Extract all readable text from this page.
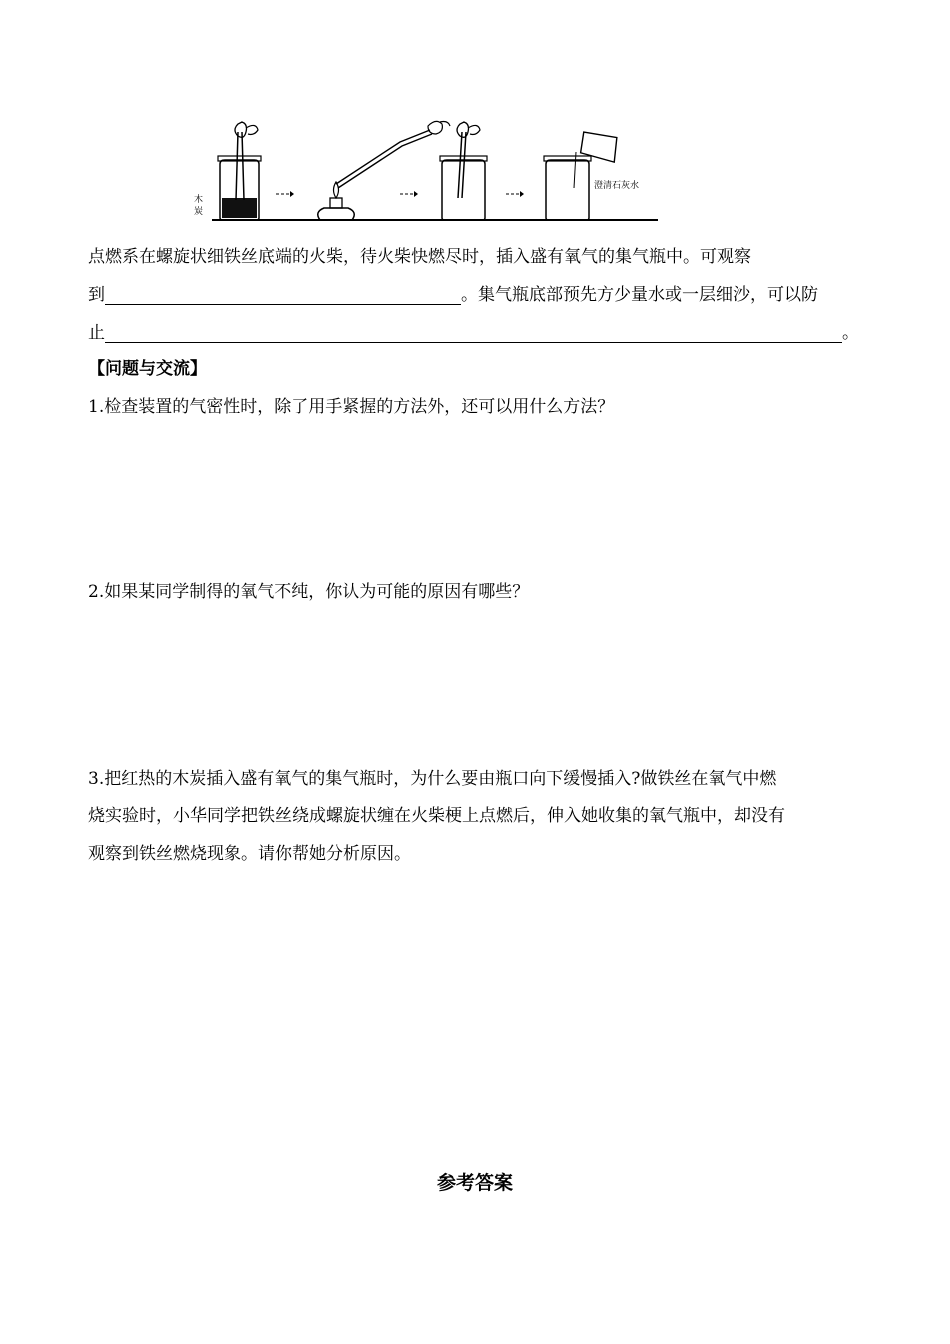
木
炭
澄清石灰水
点燃系在螺旋状细铁丝底端的火柴，待火柴快燃尽时，插入盛有氧气的集气瓶中。可观察
到	。集气瓶底部预先方少量水或一层细沙，可以防
止	。
【问题与交流】
1.检查装置的气密性时，除了用手紧握的方法外，还可以用什么方法？
2.如果某同学制得的氧气不纯，你认为可能的原因有哪些？
3.把红热的木炭插入盛有氧气的集气瓶时，为什么要由瓶口向下缓慢插入?做铁丝在氧气中燃
烧实验时，小华同学把铁丝绕成螺旋状缠在火柴梗上点燃后，伸入她收集的氧气瓶中，却没有
观察到铁丝燃烧现象。请你帮她分析原因。
参考答案
